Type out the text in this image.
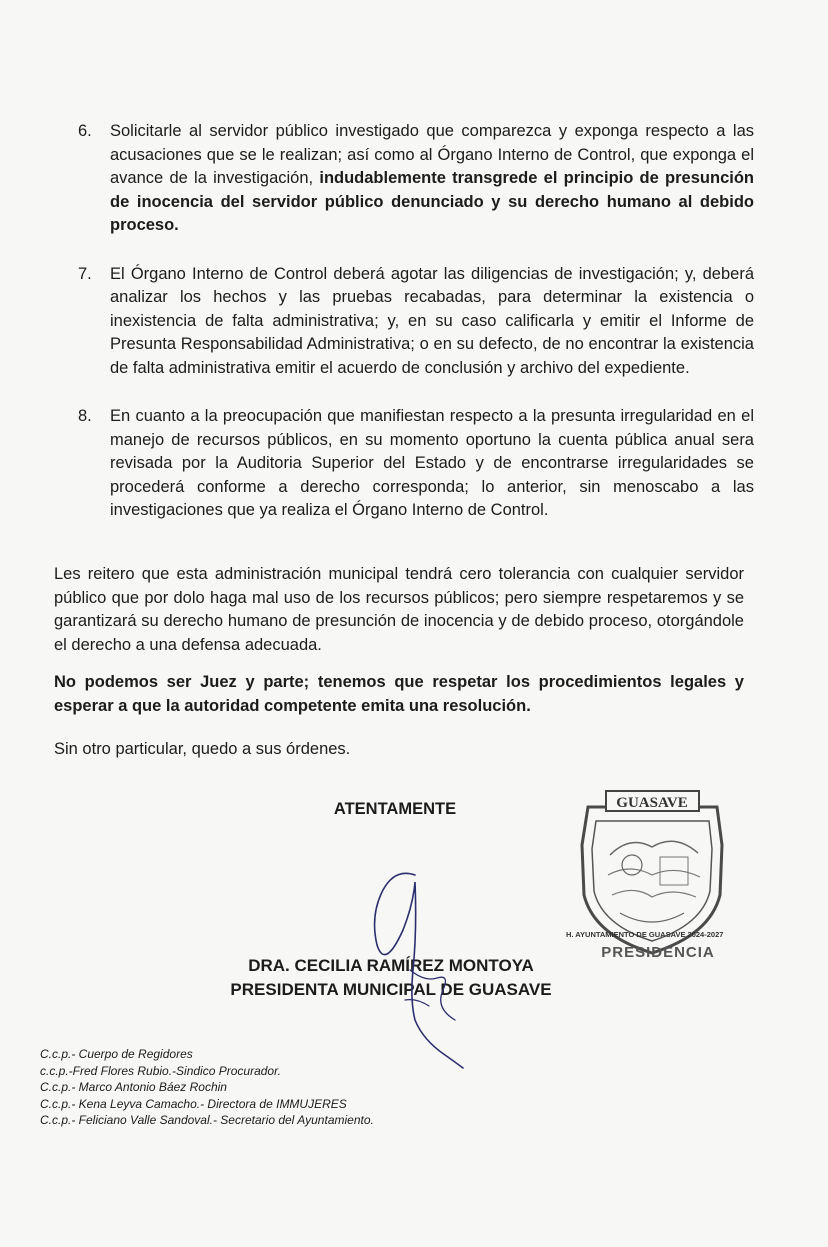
6.	Solicitarle al servidor público investigado que comparezca y exponga respecto a las acusaciones que se le realizan; así como al Órgano Interno de Control, que exponga el avance de la investigación, indudablemente transgrede el principio de presunción de inocencia del servidor público denunciado y su derecho humano al debido proceso.
7.	El Órgano Interno de Control deberá agotar las diligencias de investigación; y, deberá analizar los hechos y las pruebas recabadas, para determinar la existencia o inexistencia de falta administrativa; y, en su caso calificarla y emitir el Informe de Presunta Responsabilidad Administrativa; o en su defecto, de no encontrar la existencia de falta administrativa emitir el acuerdo de conclusión y archivo del expediente.
8.	En cuanto a la preocupación que manifiestan respecto a la presunta irregularidad en el manejo de recursos públicos, en su momento oportuno la cuenta pública anual sera revisada por la Auditoria Superior del Estado y de encontrarse irregularidades se procederá conforme a derecho corresponda; lo anterior, sin menoscabo a las investigaciones que ya realiza el Órgano Interno de Control.
Les reitero que esta administración municipal tendrá cero tolerancia con cualquier servidor público que por dolo haga mal uso de los recursos públicos; pero siempre respetaremos y se garantizará su derecho humano de presunción de inocencia y de debido proceso, otorgándole el derecho a una defensa adecuada.
No podemos ser Juez y parte; tenemos que respetar los procedimientos legales y esperar a que la autoridad competente emita una resolución.
Sin otro particular, quedo a sus órdenes.
ATENTAMENTE	GUASAVE
H. AYUNTAMIENTO DE GUASAVE 2024-2027
PRESIDENCIA
DRA. CECILIA RAMÍREZ MONTOYA
PRESIDENTA MUNICIPAL DE GUASAVE
C.c.p.- Cuerpo de Regidores
c.c.p.-Fred Flores Rubio.-Sindico Procurador.
C.c.p.- Marco Antonio Báez Rochin
C.c.p.- Kena Leyva Camacho.- Directora de IMMUJERES
C.c.p.- Feliciano Valle Sandoval.- Secretario del Ayuntamiento.
